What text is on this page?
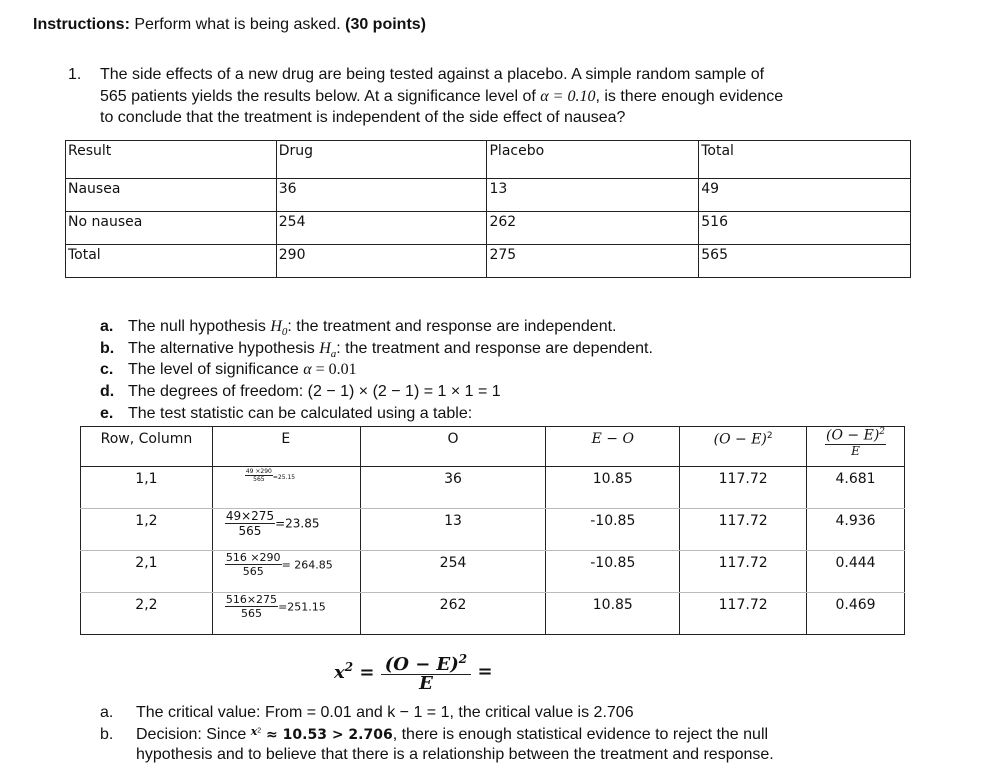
Instructions: Perform what is being asked. (30 points)
1. The side effects of a new drug are being tested against a placebo. A simple random sample of
565 patients yields the results below. At a significance level of α = 0.10, is there enough evidence
to conclude that the treatment is independent of the side effect of nausea?
Result	Drug	Placebo	Total
Nausea	36	13	49
No nausea	254	262	516
Total	290	275	565
a. The null hypothesis $H_0$: the treatment and response are independent.
b. The alternative hypothesis $H_a$: the treatment and response are dependent.
c. The level of significance α = 0.01
d. The degrees of freedom: (2 − 1) × (2 − 1) = 1 × 1 = 1
e. The test statistic can be calculated using a table:
Row, Column	E	O	E − O	$(O - E)^2$	$\frac{(O - E)^2}{E}$

1,1	$\frac{49 \times 290}{565} =25.15$	36	10.85	117.72	4.681
1,2	$\frac{49\times 275}{565} =23.85$	13	-10.85	117.72	4.936
2,1	$\frac{516 \times 290}{565} = 264.85$	254	-10.85	117.72	0.444
2,2	$\frac{516\times 275}{565} =251.15$	262	10.85	117.72	0.469
$x^2 = \frac{(O - E)^2}{E}$ =
a. The critical value: From = 0.01 and k − 1 = 1, the critical value is 2.706
b. Decision: Since $^{x2}$ ≈ 10.53 > 2.706, there is enough statistical evidence to reject the null
hypothesis and to believe that there is a relationship between the treatment and response.
